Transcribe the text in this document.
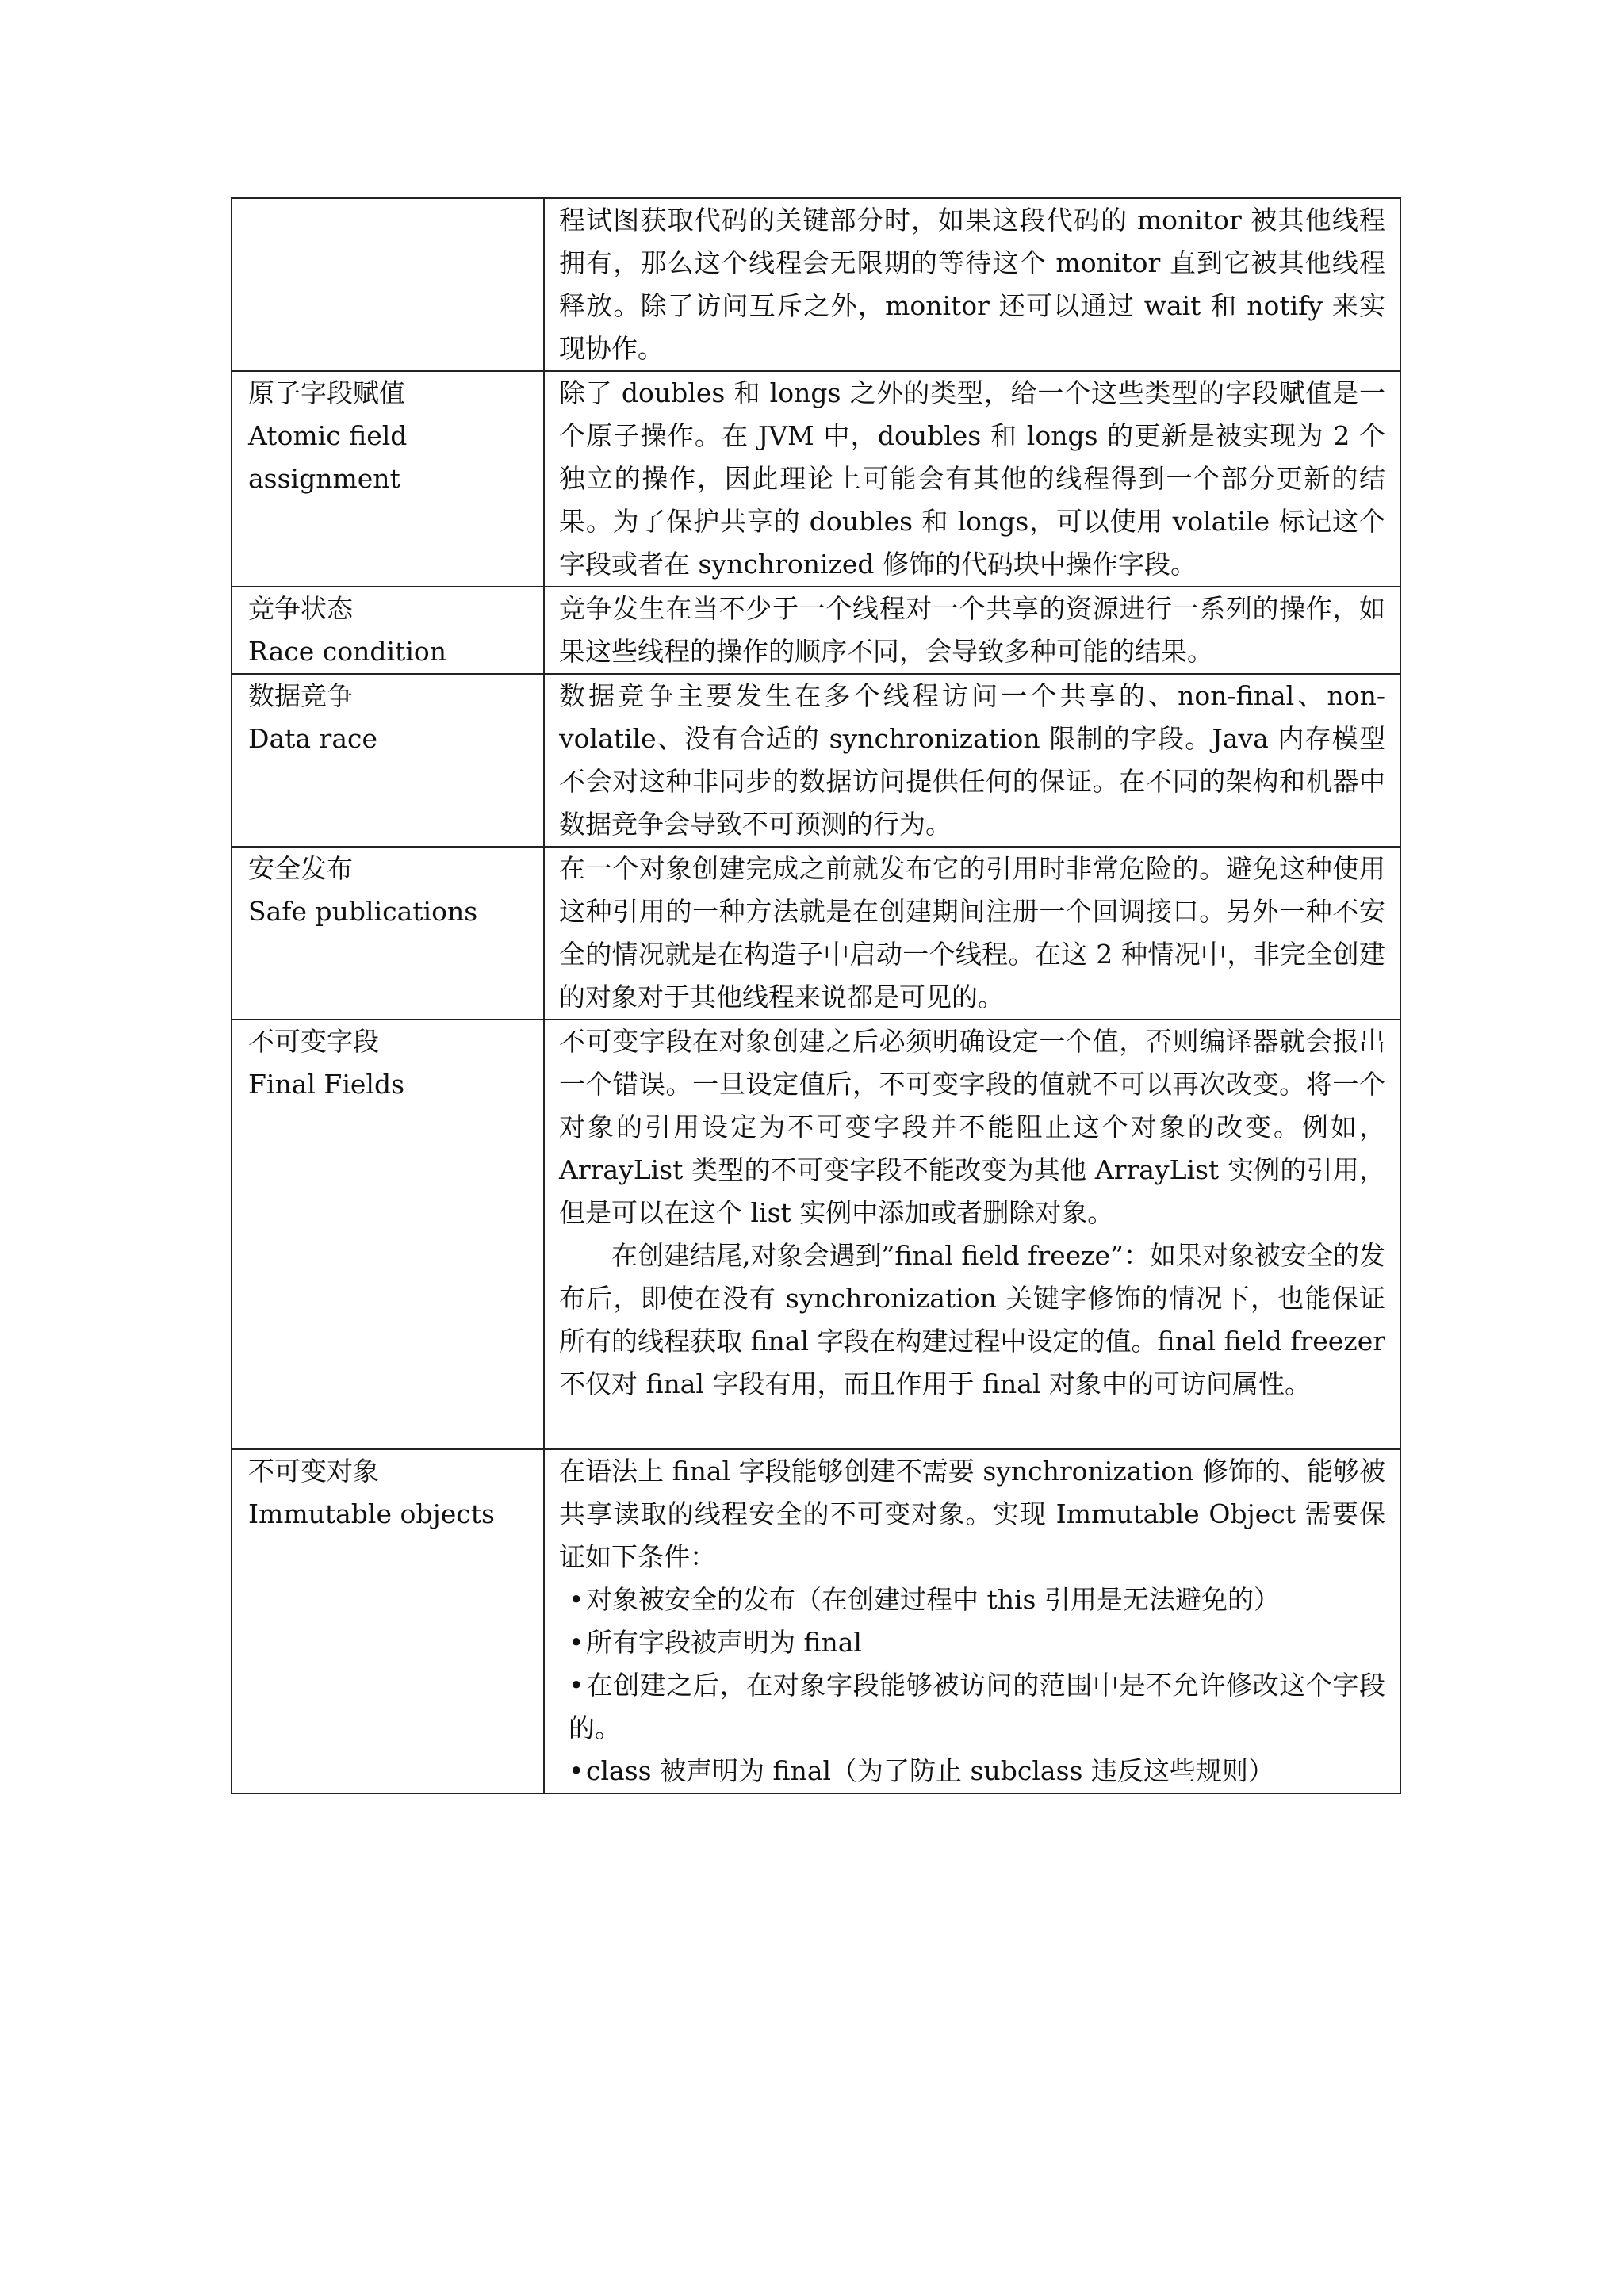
	程试图获取代码的关键部分时，如果这段代码的 monitor 被其他线程拥有，那么这个线程会无限期的等待这个 monitor 直到它被其他线程释放。除了访问互斥之外，monitor 还可以通过 wait 和 notify 来实现协作。

原子字段赋值
Atomic field
assignment	除了 doubles 和 longs 之外的类型，给一个这些类型的字段赋值是一个原子操作。在 JVM 中，doubles 和 longs 的更新是被实现为 2 个独立的操作，因此理论上可能会有其他的线程得到一个部分更新的结果。为了保护共享的 doubles 和 longs，可以使用 volatile 标记这个字段或者在 synchronized 修饰的代码块中操作字段。

竞争状态
Race condition	竞争发生在当不少于一个线程对一个共享的资源进行一系列的操作，如果这些线程的操作的顺序不同，会导致多种可能的结果。

数据竞争
Data race	数据竞争主要发生在多个线程访问一个共享的、non-final、non-volatile、没有合适的 synchronization 限制的字段。Java 内存模型不会对这种非同步的数据访问提供任何的保证。在不同的架构和机器中数据竞争会导致不可预测的行为。

安全发布
Safe publications	在一个对象创建完成之前就发布它的引用时非常危险的。避免这种使用这种引用的一种方法就是在创建期间注册一个回调接口。另外一种不安全的情况就是在构造子中启动一个线程。在这 2 种情况中，非完全创建的对象对于其他线程来说都是可见的。

不可变字段
Final Fields	不可变字段在对象创建之后必须明确设定一个值，否则编译器就会报出一个错误。一旦设定值后，不可变字段的值就不可以再次改变。将一个对象的引用设定为不可变字段并不能阻止这个对象的改变。例如，ArrayList 类型的不可变字段不能改变为其他 ArrayList 实例的引用，但是可以在这个 list 实例中添加或者删除对象。
在创建结尾,对象会遇到”final field freeze”：如果对象被安全的发布后，即使在没有 synchronization 关键字修饰的情况下，也能保证所有的线程获取 final 字段在构建过程中设定的值。final field freezer 不仅对 final 字段有用，而且作用于 final 对象中的可访问属性。

不可变对象
Immutable objects	在语法上 final 字段能够创建不需要 synchronization 修饰的、能够被共享读取的线程安全的不可变对象。实现 Immutable Object 需要保证如下条件：
•对象被安全的发布（在创建过程中 this 引用是无法避免的）
•所有字段被声明为 final
•在创建之后，在对象字段能够被访问的范围中是不允许修改这个字段的。
•class 被声明为 final（为了防止 subclass 违反这些规则）
